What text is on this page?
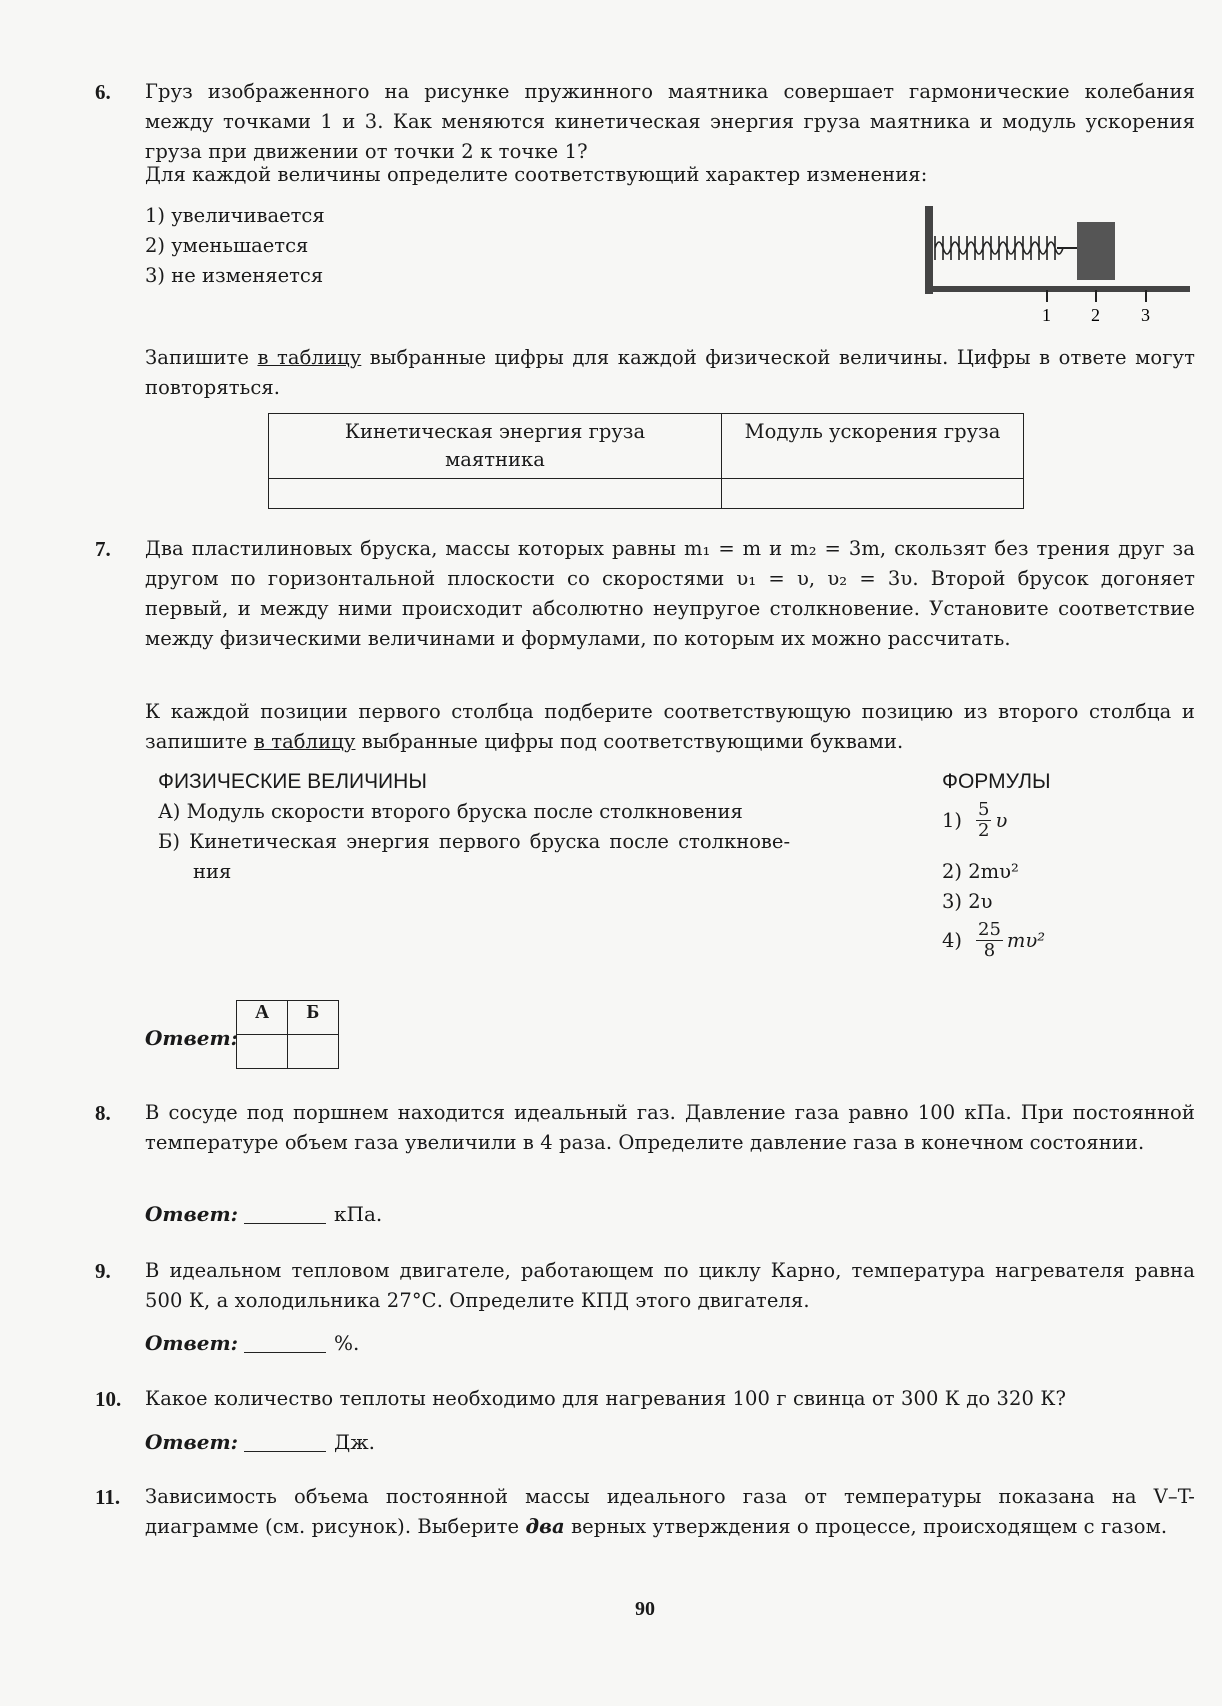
6. Груз изображенного на рисунке пружинного маятника совершает гармонические колебания между точками 1 и 3. Как меняются кинетическая энергия груза маятника и модуль ускорения груза при движении от точки 2 к точке 1?
Для каждой величины определите соответствующий характер изменения:
1) увеличивается
2) уменьшается
3) не изменяется
1 2 3
Запишите в таблицу выбранные цифры для каждой физической величины. Цифры в ответе могут повторяться.
Кинетическая энергия груза маятника	Модуль ускорения груза

7. Два пластилиновых бруска, массы которых равны m₁ = m и m₂ = 3m, скользят без трения друг за другом по горизонтальной плоскости со скоростями υ₁ = υ, υ₂ = 3υ. Второй брусок догоняет первый, и между ними происходит абсолютно неупругое столкновение. Установите соответствие между физическими величинами и формулами, по которым их можно рассчитать.
К каждой позиции первого столбца подберите соответствующую позицию из второго столбца и запишите в таблицу выбранные цифры под соответствующими буквами.
ФИЗИЧЕСКИЕ ВЕЛИЧИНЫ	ФОРМУЛЫ
А) Модуль скорости второго бруска после столкновения
Б) Кинетическая энергия первого бруска после столкнове-
ния
$1) \frac{5}{2}$ υ
2) 2mυ²
3) 2υ
$4) \frac{25}{8} m\upsilon^2$
Ответ:
А	Б

8. В сосуде под поршнем находится идеальный газ. Давление газа равно 100 кПа. При постоянной температуре объем газа увеличили в 4 раза. Определите давление газа в конечном состоянии.
Ответ:	кПа.
9. В идеальном тепловом двигателе, работающем по циклу Карно, температура нагревателя равна 500 К, а холодильника 27°С. Определите КПД этого двигателя.
Ответ:	%.
10. Какое количество теплоты необходимо для нагревания 100 г свинца от 300 К до 320 К?
Ответ:	Дж.
11. Зависимость объема постоянной массы идеального газа от температуры показана на V–T-диаграмме (см. рисунок). Выберите два верных утверждения о процессе, происходящем с газом.
90
